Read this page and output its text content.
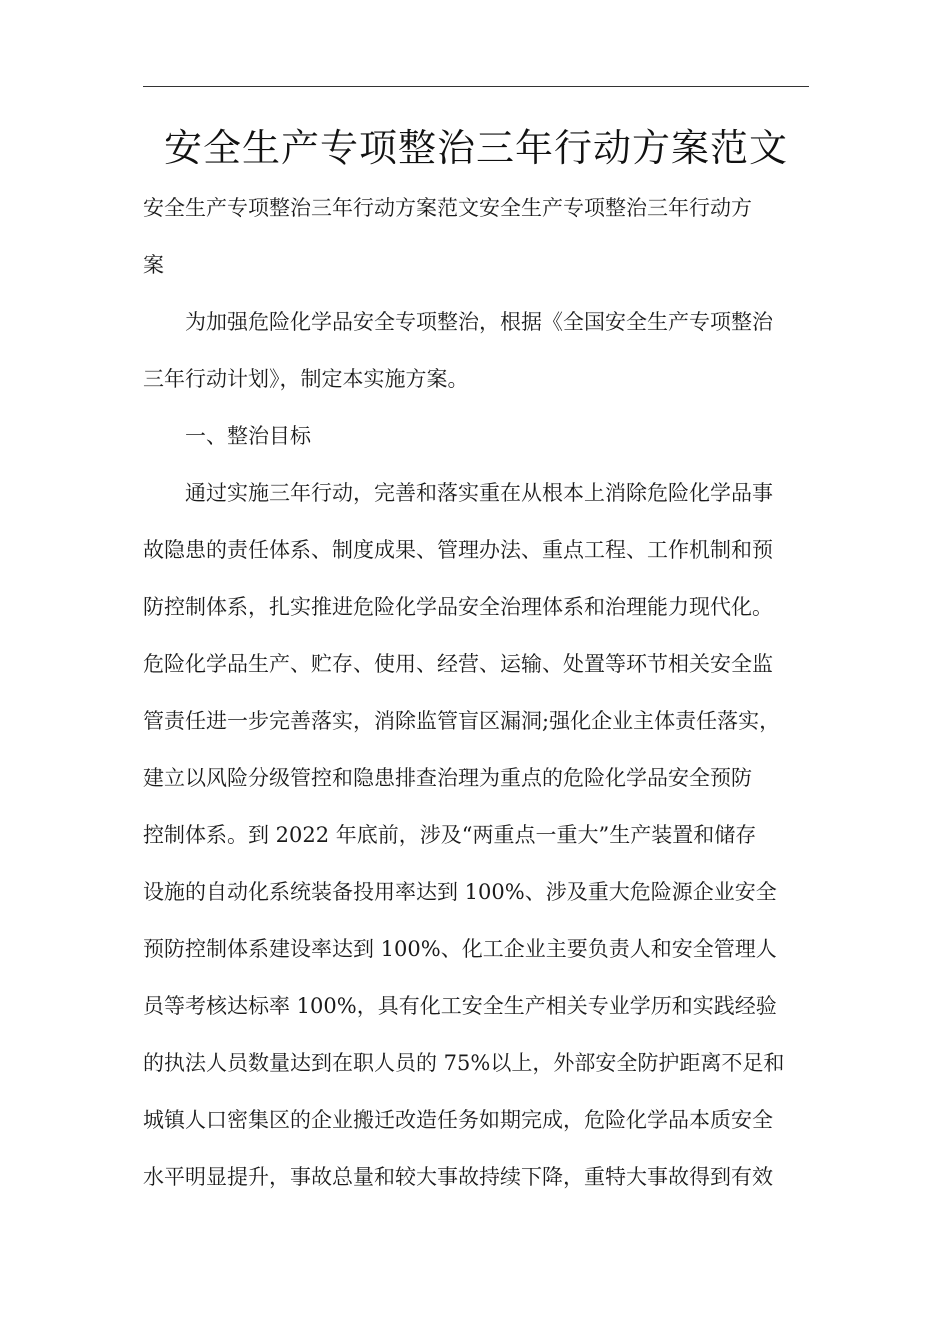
安全生产专项整治三年行动方案范文
安全生产专项整治三年行动方案范文安全生产专项整治三年行动方
案
为加强危险化学品安全专项整治，根据《全国安全生产专项整治
三年行动计划》，制定本实施方案。
一、整治目标
通过实施三年行动，完善和落实重在从根本上消除危险化学品事
故隐患的责任体系、制度成果、管理办法、重点工程、工作机制和预
防控制体系，扎实推进危险化学品安全治理体系和治理能力现代化。
危险化学品生产、贮存、使用、经营、运输、处置等环节相关安全监
管责任进一步完善落实，消除监管盲区漏洞;强化企业主体责任落实，
建立以风险分级管控和隐患排查治理为重点的危险化学品安全预防
控制体系。到 2022 年底前，涉及“两重点一重大”生产装置和储存
设施的自动化系统装备投用率达到 100%、涉及重大危险源企业安全
预防控制体系建设率达到 100%、化工企业主要负责人和安全管理人
员等考核达标率 100%，具有化工安全生产相关专业学历和实践经验
的执法人员数量达到在职人员的 75%以上，外部安全防护距离不足和
城镇人口密集区的企业搬迁改造任务如期完成，危险化学品本质安全
水平明显提升，事故总量和较大事故持续下降，重特大事故得到有效
